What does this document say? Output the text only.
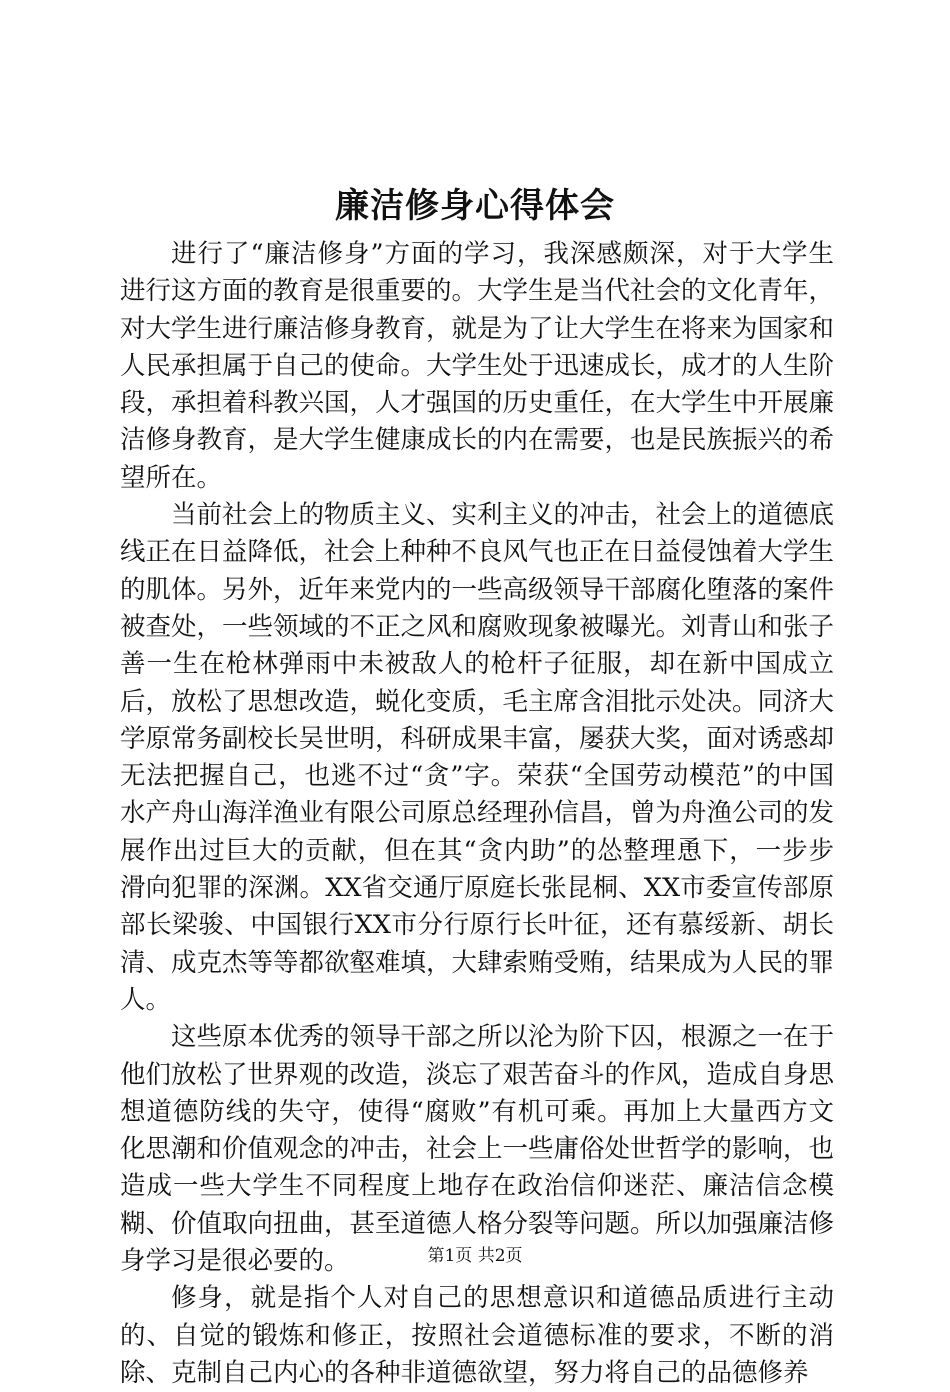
廉洁修身心得体会

进行了“廉洁修身”方面的学习，我深感颇深，对于大学生进行这方面的教育是很重要的。大学生是当代社会的文化青年，对大学生进行廉洁修身教育，就是为了让大学生在将来为国家和人民承担属于自己的使命。大学生处于迅速成长，成才的人生阶段，承担着科教兴国，人才强国的历史重任，在大学生中开展廉洁修身教育，是大学生健康成长的内在需要，也是民族振兴的希望所在。

当前社会上的物质主义、实利主义的冲击，社会上的道德底线正在日益降低，社会上种种不良风气也正在日益侵蚀着大学生的肌体。另外，近年来党内的一些高级领导干部腐化堕落的案件被查处，一些领域的不正之风和腐败现象被曝光。刘青山和张子善一生在枪林弹雨中未被敌人的枪杆子征服，却在新中国成立后，放松了思想改造，蜕化变质，毛主席含泪批示处决。同济大学原常务副校长吴世明，科研成果丰富，屡获大奖，面对诱惑却无法把握自己，也逃不过“贪”字。荣获“全国劳动模范”的中国水产舟山海洋渔业有限公司原总经理孙信昌，曾为舟渔公司的发展作出过巨大的贡献，但在其“贪内助”的怂整理恿下，一步步滑向犯罪的深渊。XX省交通厅原庭长张昆桐、XX市委宣传部原部长梁骏、中国银行XX市分行原行长叶征，还有慕绥新、胡长清、成克杰等等都欲壑难填，大肆索贿受贿，结果成为人民的罪人。

这些原本优秀的领导干部之所以沦为阶下囚，根源之一在于他们放松了世界观的改造，淡忘了艰苦奋斗的作风，造成自身思想道德防线的失守，使得“腐败”有机可乘。再加上大量西方文化思潮和价值观念的冲击，社会上一些庸俗处世哲学的影响，也造成一些大学生不同程度上地存在政治信仰迷茫、廉洁信念模糊、价值取向扭曲，甚至道德人格分裂等问题。所以加强廉洁修身学习是很必要的。

修身，就是指个人对自己的思想意识和道德品质进行主动的、自觉的锻炼和修正，按照社会道德标准的要求，不断的消除、克制自己内心的各种非道德欲望，努力将自己的品德修养

第1页 共2页
